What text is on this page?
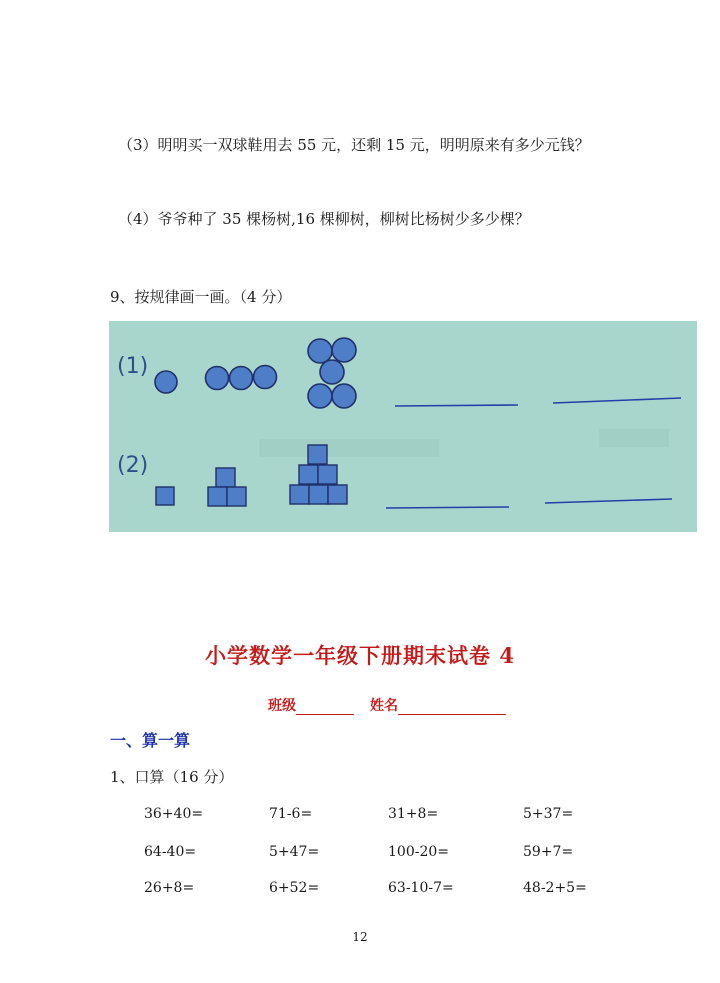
（3）明明买一双球鞋用去 55 元，还剩 15 元，明明原来有多少元钱？
（4）爷爷种了 35 棵杨树,16 棵柳树，柳树比杨树少多少棵？
9、按规律画一画。（4 分）
(1)
(2)
小学数学一年级下册期末试卷 4
班级	姓名
一、算一算
1、口算（16 分）
36+40=	71-6=	31+8=	5+37=
64-40=	5+47=	100-20=	59+7=
26+8=	6+52=	63-10-7=	48-2+5=
12
